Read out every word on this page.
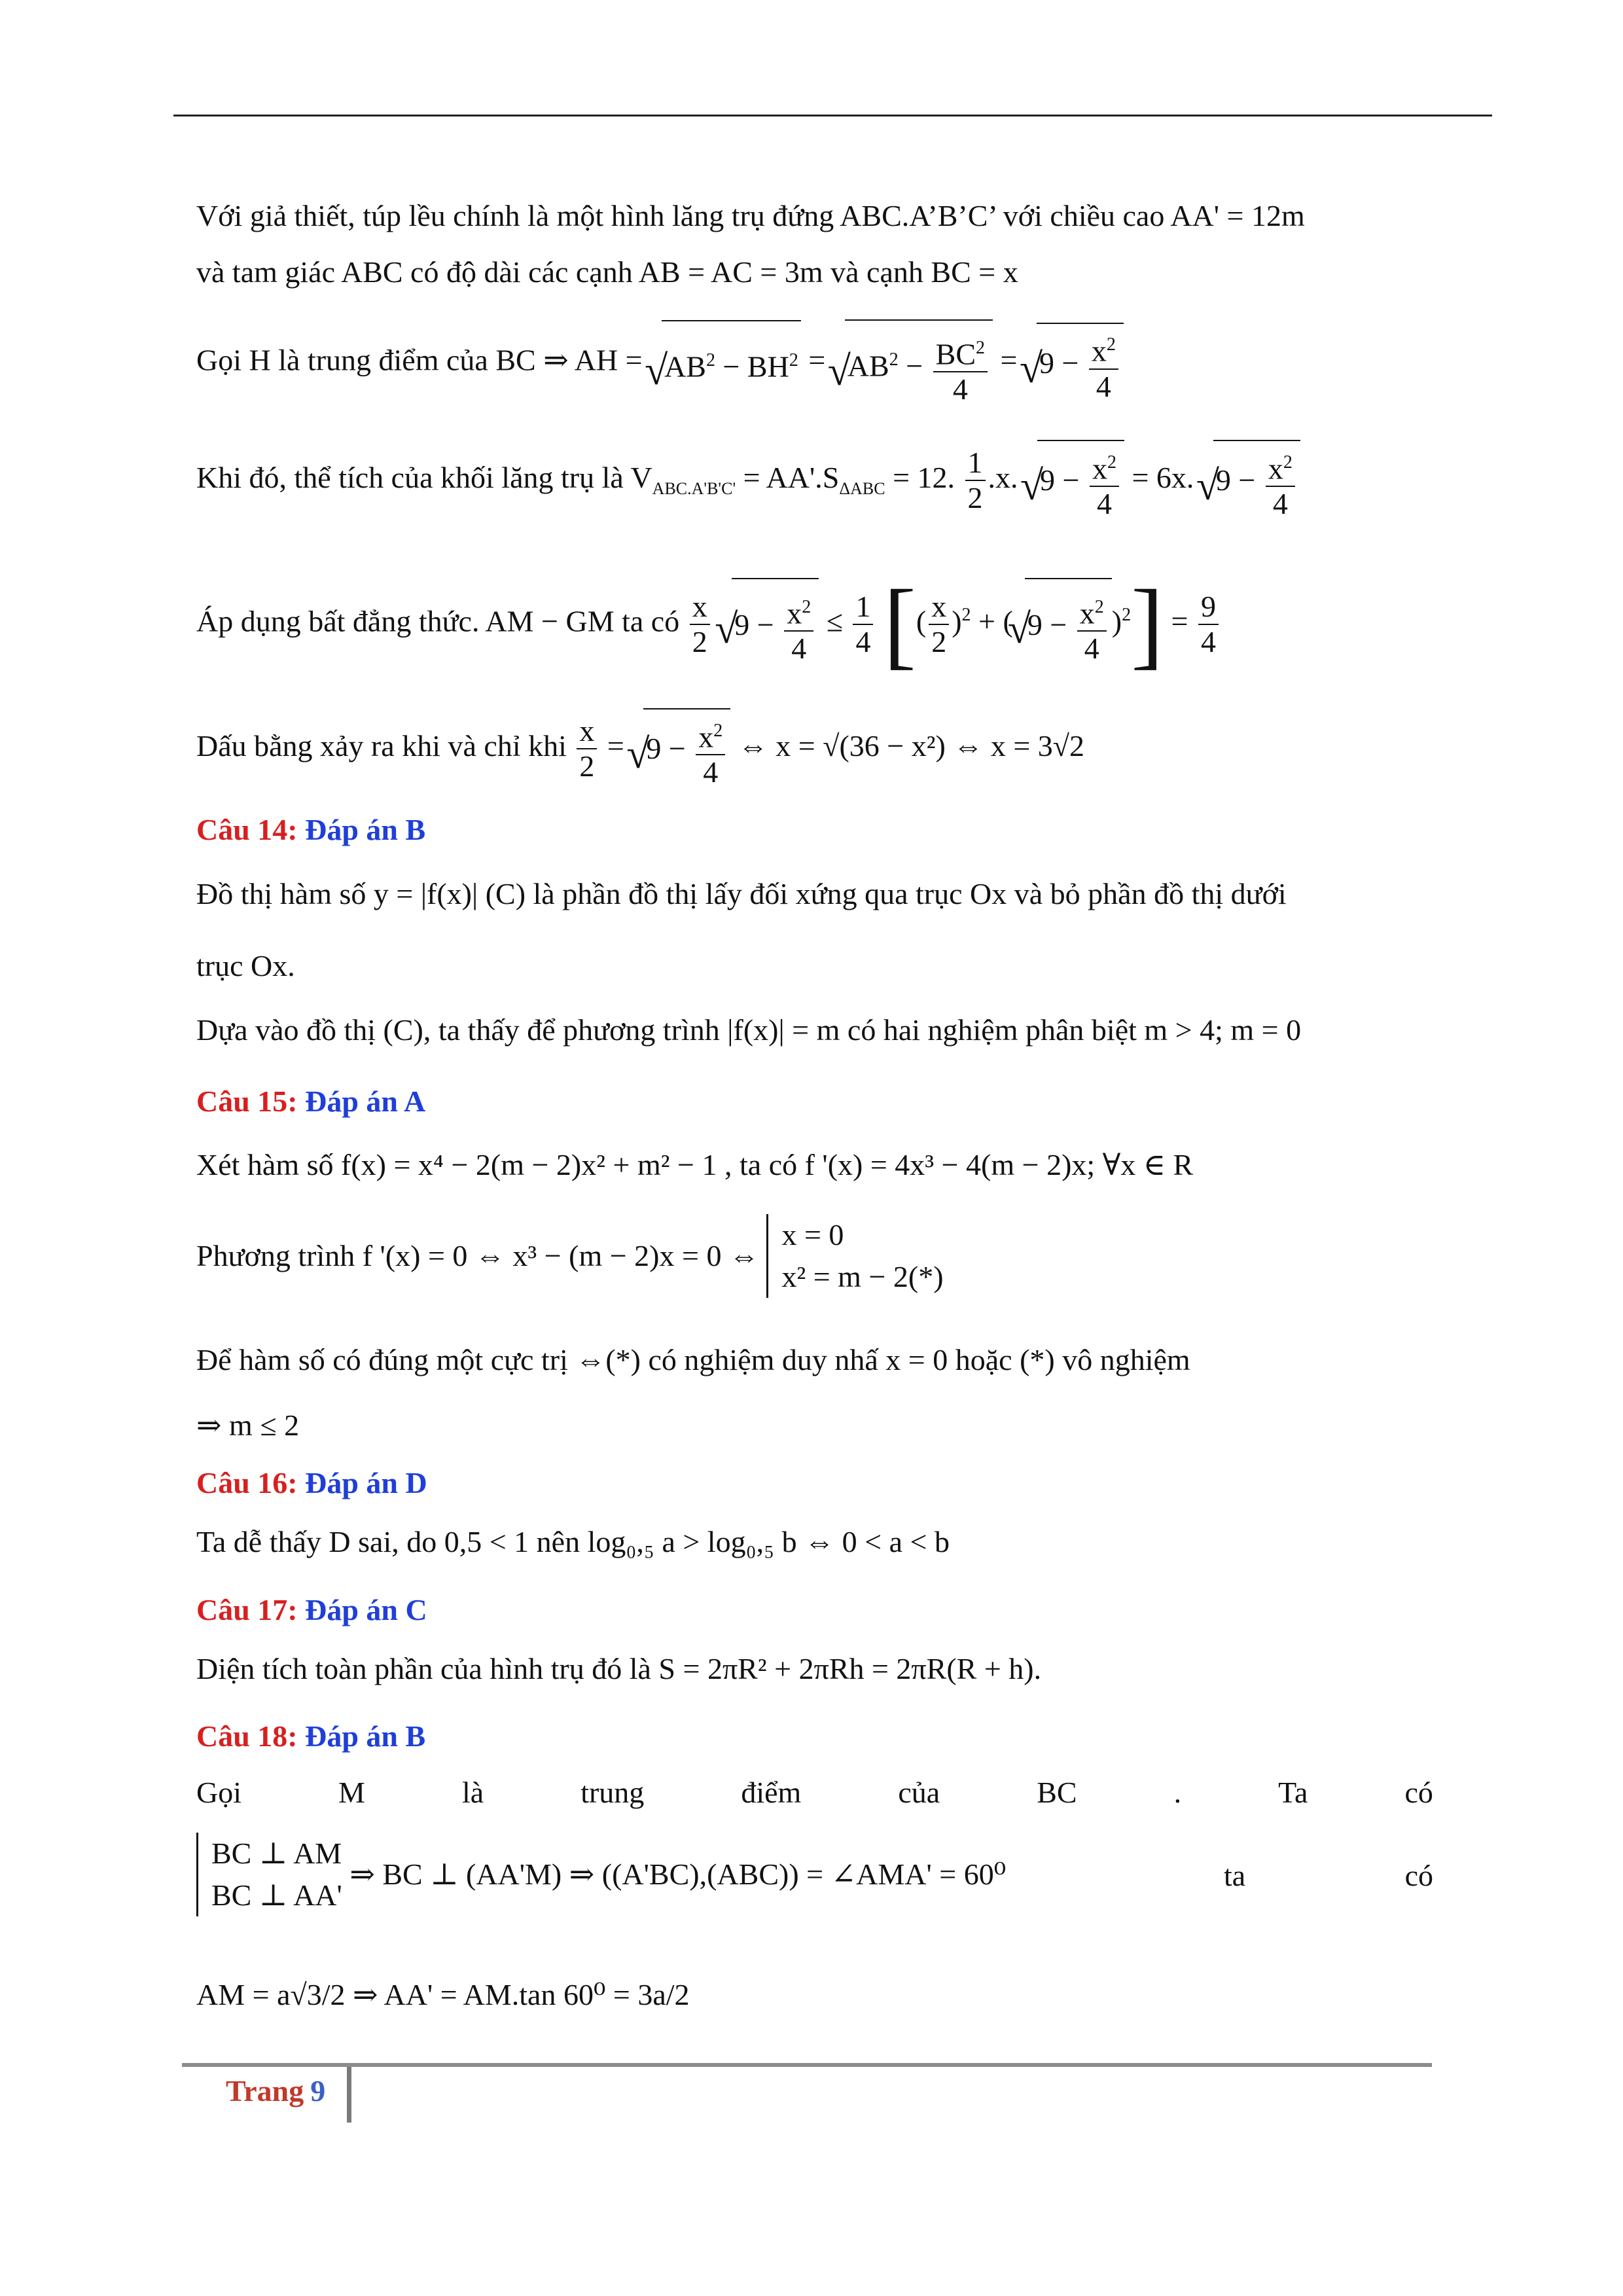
Với giả thiết, túp lều chính là một hình lăng trụ đứng ABC.A’B’C’ với chiều cao AA' = 12m
và tam giác ABC có độ dài các cạnh AB = AC = 3m và cạnh BC = x
Gọi H là trung điểm của BC ⇒ AH = √ $AB^2 - BH^2$ = √ $AB^2 - \frac{BC^2}{4}$ = √ $9 - \frac{x^2}{4}$
Khi đó, thể tích của khối lăng trụ là $V_{ABC.A'B'C'} = AA'.S_{\Delta ABC} = 12$. $\frac{1}{2} .x$. √ $9 - \frac{x^2}{4} = 6x$. √ $9 - \frac{x^2}{4}$
Áp dụng bất đẳng thức. AM − GM ta có $\frac{x}{2}$ √ $9 - \frac{x^2}{4} \le \frac{1}{4}$ [( $\frac{x}{2} )^2$ + ( √ $9 - \frac{x^2}{4} )^2] = \frac{9}{4}$
Dấu bằng xảy ra khi và chỉ khi $\frac{x}{2}$ = √ $9 - \frac{x^2}{4}$ ⇔ x = √(36 − x²) ⇔ x = 3√2
Câu 14: Đáp án B
Đồ thị hàm số y = |f(x)| (C) là phần đồ thị lấy đối xứng qua trục Ox và bỏ phần đồ thị dưới
trục Ox.
Dựa vào đồ thị (C), ta thấy để phương trình |f(x)| = m có hai nghiệm phân biệt m > 4; m = 0
Câu 15: Đáp án A
Xét hàm số f(x) = x⁴ − 2(m − 2)x² + m² − 1 , ta có f '(x) = 4x³ − 4(m − 2)x; ∀x ∈ R
Phương trình f '(x) = 0 ⇔ x³ − (m − 2)x = 0 ⇔
x = 0
x² = m − 2(*)
Để hàm số có đúng một cực trị ⇔(*) có nghiệm duy nhấ x = 0 hoặc (*) vô nghiệm
⇒ m ≤ 2
Câu 16: Đáp án D
Ta dễ thấy D sai, do 0,5 < 1 nên log₀,₅ a > log₀,₅ b ⇔ 0 < a < b
Câu 17: Đáp án C
Diện tích toàn phần của hình trụ đó là S = 2πR² + 2πRh = 2πR(R + h).
Câu 18: Đáp án B
Gọi	M	là	trung	điểm	của	BC	.	Ta	có
BC ⊥ AM
BC ⊥ AA'
⇒ BC ⊥ (AA'M) ⇒ ((A'BC),(ABC)) = ∠AMA' = 60⁰	ta	có
AM = a√3/2 ⇒ AA' = AM.tan 60⁰ = 3a/2
Trang 9
